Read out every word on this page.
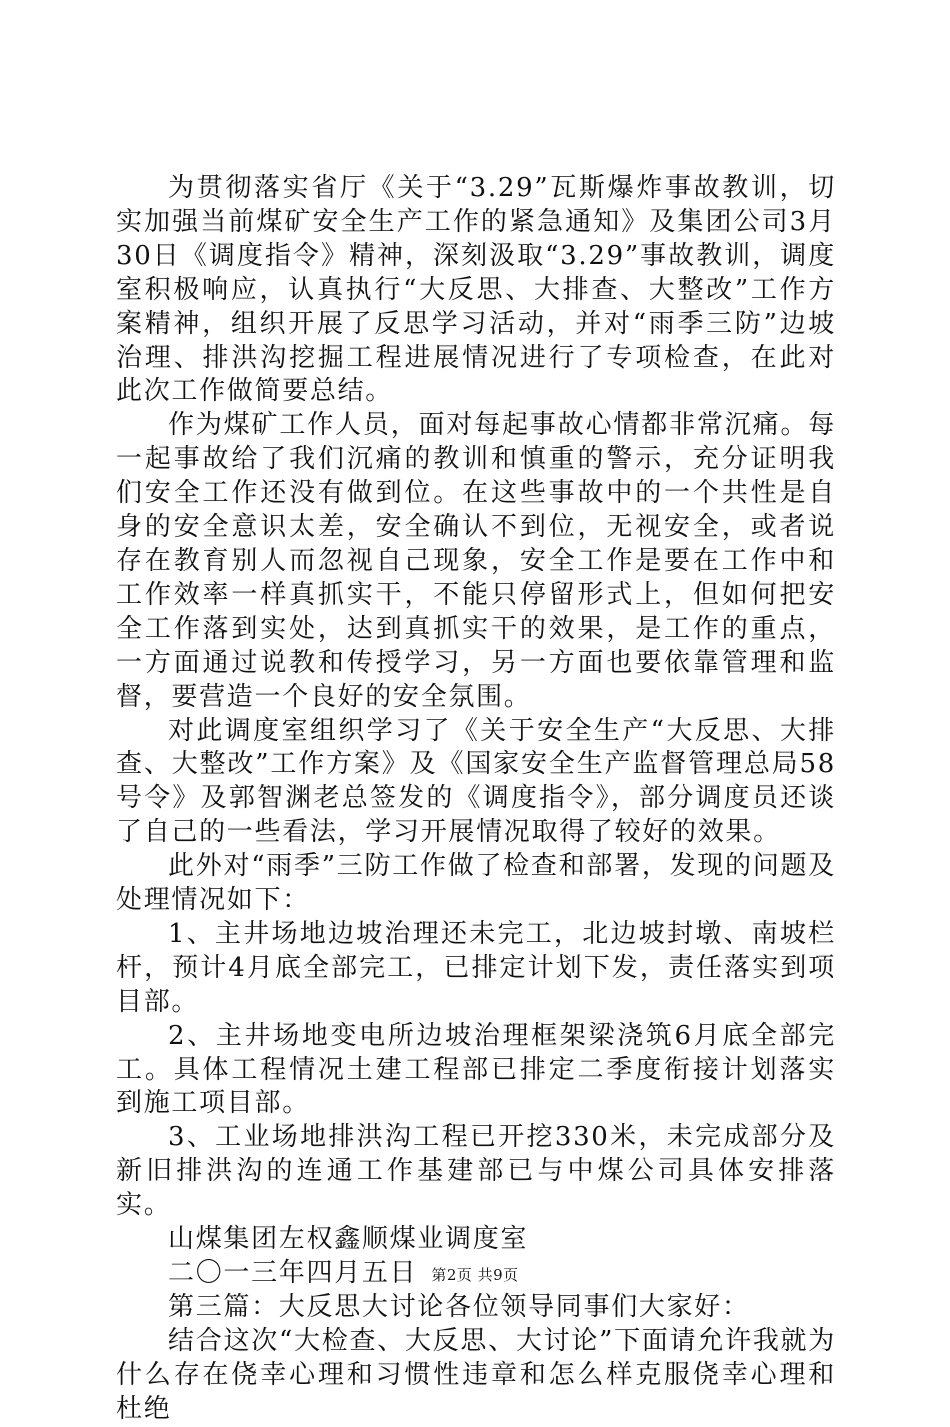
为贯彻落实省厅《关于“3.29”瓦斯爆炸事故教训，切实加强当前煤矿安全生产工作的紧急通知》及集团公司3月30日《调度指令》精神，深刻汲取“3.29”事故教训，调度室积极响应，认真执行“大反思、大排查、大整改”工作方案精神，组织开展了反思学习活动，并对“雨季三防”边坡治理、排洪沟挖掘工程进展情况进行了专项检查，在此对此次工作做简要总结。

作为煤矿工作人员，面对每起事故心情都非常沉痛。每一起事故给了我们沉痛的教训和慎重的警示，充分证明我们安全工作还没有做到位。在这些事故中的一个共性是自身的安全意识太差，安全确认不到位，无视安全，或者说存在教育别人而忽视自己现象，安全工作是要在工作中和工作效率一样真抓实干，不能只停留形式上，但如何把安全工作落到实处，达到真抓实干的效果，是工作的重点，一方面通过说教和传授学习，另一方面也要依靠管理和监督，要营造一个良好的安全氛围。

对此调度室组织学习了《关于安全生产“大反思、大排查、大整改”工作方案》及《国家安全生产监督管理总局58号令》及郭智渊老总签发的《调度指令》，部分调度员还谈了自己的一些看法，学习开展情况取得了较好的效果。

此外对“雨季”三防工作做了检查和部署，发现的问题及处理情况如下：

1、主井场地边坡治理还未完工，北边坡封墩、南坡栏杆，预计4月底全部完工，已排定计划下发，责任落实到项目部。

2、主井场地变电所边坡治理框架梁浇筑6月底全部完工。具体工程情况土建工程部已排定二季度衔接计划落实到施工项目部。

3、工业场地排洪沟工程已开挖330米，未完成部分及新旧排洪沟的连通工作基建部已与中煤公司具体安排落实。

山煤集团左权鑫顺煤业调度室

二〇一三年四月五日

第三篇：大反思大讨论各位领导同事们大家好：

结合这次“大检查、大反思、大讨论”下面请允许我就为什么存在侥幸心理和习惯性违章和怎么样克服侥幸心理和杜绝

第2页 共9页
